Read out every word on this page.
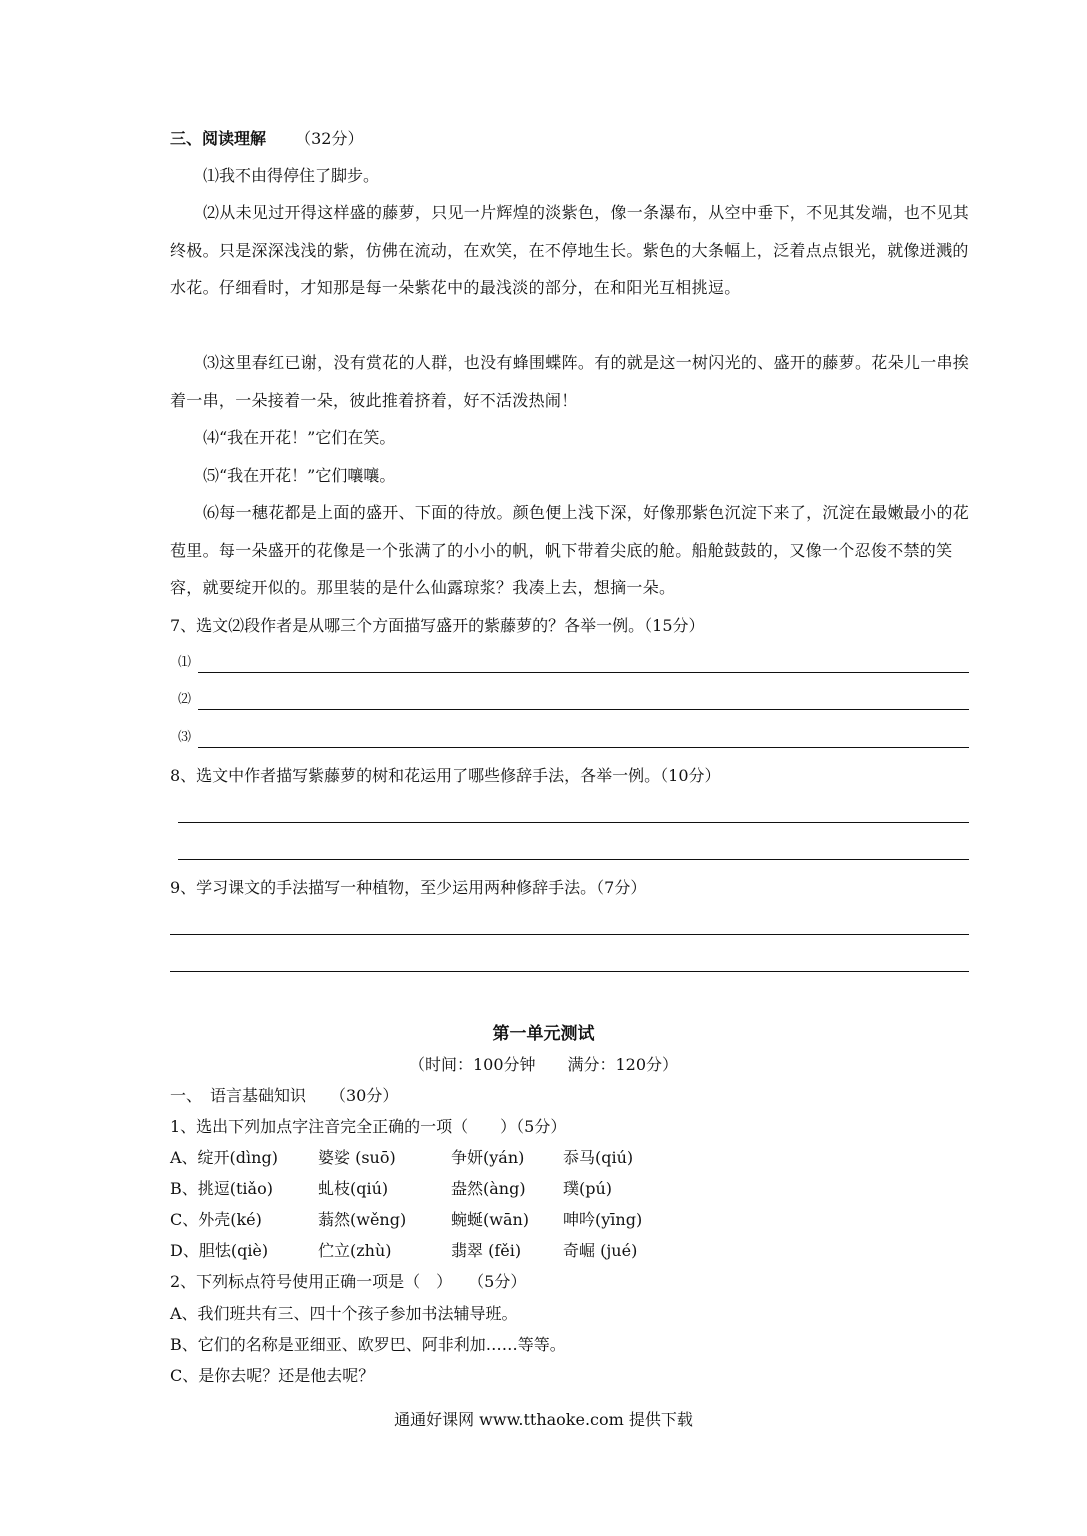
三、阅读理解 （32分）
⑴我不由得停住了脚步。
⑵从未见过开得这样盛的藤萝，只见一片辉煌的淡紫色，像一条瀑布，从空中垂下，不见其发端，也不见其终极。只是深深浅浅的紫，仿佛在流动，在欢笑，在不停地生长。紫色的大条幅上，泛着点点银光，就像迸溅的水花。仔细看时，才知那是每一朵紫花中的最浅淡的部分，在和阳光互相挑逗。
⑶这里春红已谢，没有赏花的人群，也没有蜂围蝶阵。有的就是这一树闪光的、盛开的藤萝。花朵儿一串挨着一串，一朵接着一朵，彼此推着挤着，好不活泼热闹！
⑷“我在开花！”它们在笑。
⑸“我在开花！”它们嚷嚷。
⑹每一穗花都是上面的盛开、下面的待放。颜色便上浅下深，好像那紫色沉淀下来了，沉淀在最嫩最小的花苞里。每一朵盛开的花像是一个张满了的小小的帆，帆下带着尖底的舱。船舱鼓鼓的，又像一个忍俊不禁的笑容，就要绽开似的。那里装的是什么仙露琼浆？我凑上去，想摘一朵。
7、选文⑵段作者是从哪三个方面描写盛开的紫藤萝的？各举一例。（15分）
⑴
⑵
⑶
8、选文中作者描写紫藤萝的树和花运用了哪些修辞手法，各举一例。（10分）
9、学习课文的手法描写一种植物，至少运用两种修辞手法。（7分）
第一单元测试
（时间：100分钟　　满分：120分）
一、　语言基础知识　　（30分）
1、选出下列加点字注音完全正确的一项（　　）（5分）
A、绽开(dìng)	婆娑 (suō)	争妍(yán) 忝马(qiú)
B、挑逗(tiǎo)	虬枝(qiú)	盎然(àng) 璞(pú)
C、外壳(ké)	蓊然(wěng)	蜿蜒(wān) 呻吟(yīng)
D、胆怯(qiè)	伫立(zhù)	翡翠 (fěi)	奇崛 (jué)
2、下列标点符号使用正确一项是（　）　　（5分）
A、我们班共有三、四十个孩子参加书法辅导班。
B、它们的名称是亚细亚、欧罗巴、阿非利加……等等。
C、是你去呢？还是他去呢？
通通好课网 www.tthaoke.com 提供下载
